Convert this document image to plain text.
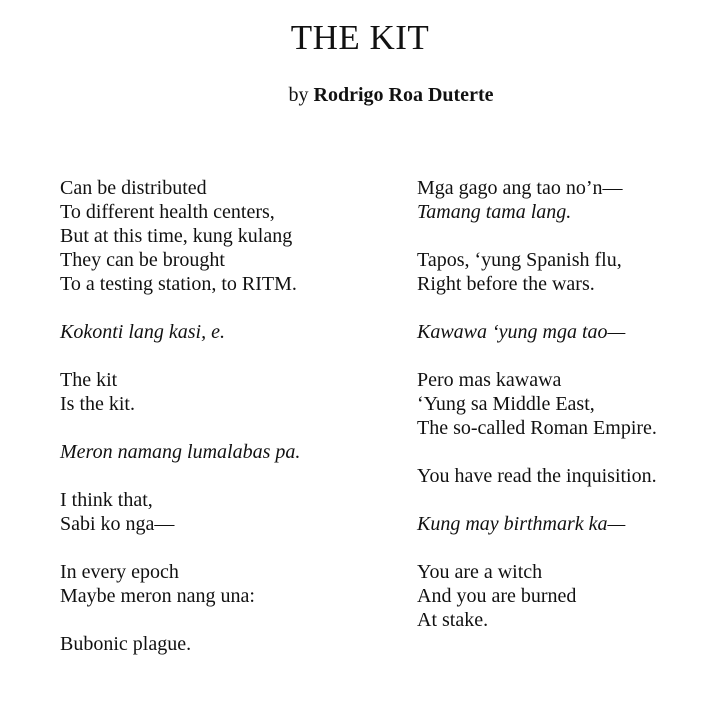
THE KIT

by Rodrigo Roa Duterte

Can be distributed
To different health centers,
But at this time, kung kulang
They can be brought
To a testing station, to RITM.
Kokonti lang kasi, e.
The kit
Is the kit.
Meron namang lumalabas pa.
I think that,
Sabi ko nga—
In every epoch
Maybe meron nang una:
Bubonic plague.
Mga gago ang tao no’n—
Tamang tama lang.
Tapos, ‘yung Spanish flu,
Right before the wars.
Kawawa ‘yung mga tao—
Pero mas kawawa
‘Yung sa Middle East,
The so-called Roman Empire.
You have read the inquisition.
Kung may birthmark ka—
You are a witch
And you are burned
At stake.
